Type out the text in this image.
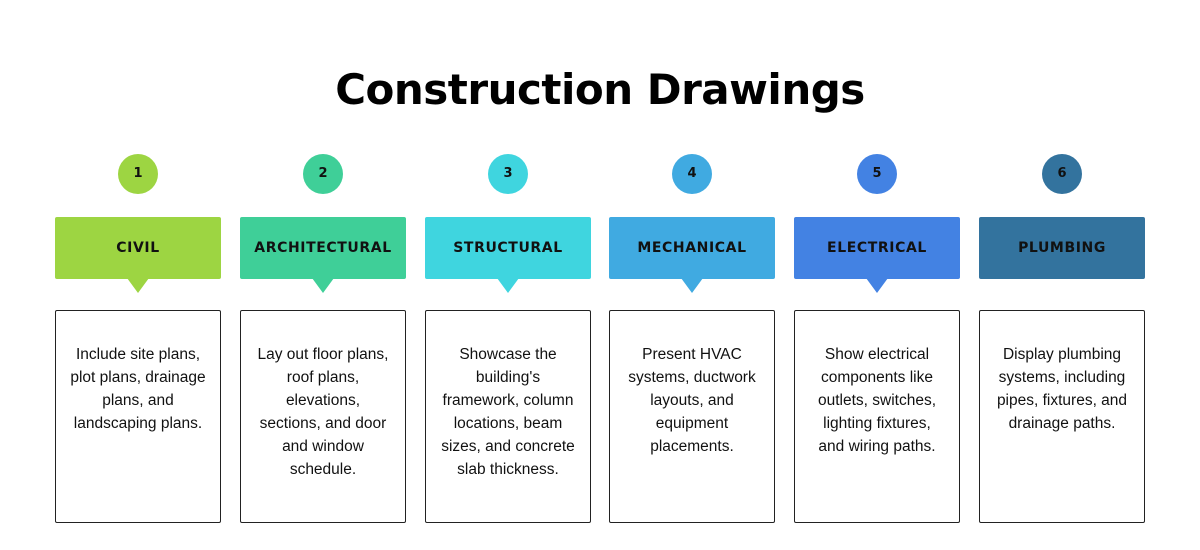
Construction Drawings
1
CIVIL
Include site plans, plot plans, drainage plans, and landscaping plans.
2
ARCHITECTURAL
Lay out floor plans, roof plans, elevations, sections, and door and window schedule.
3
STRUCTURAL
Showcase the building's framework, column locations, beam sizes, and concrete slab thickness.
4
MECHANICAL
Present HVAC systems, ductwork layouts, and equipment placements.
5
ELECTRICAL
Show electrical components like outlets, switches, lighting fixtures, and wiring paths.
6
PLUMBING
Display plumbing systems, including pipes, fixtures, and drainage paths.
